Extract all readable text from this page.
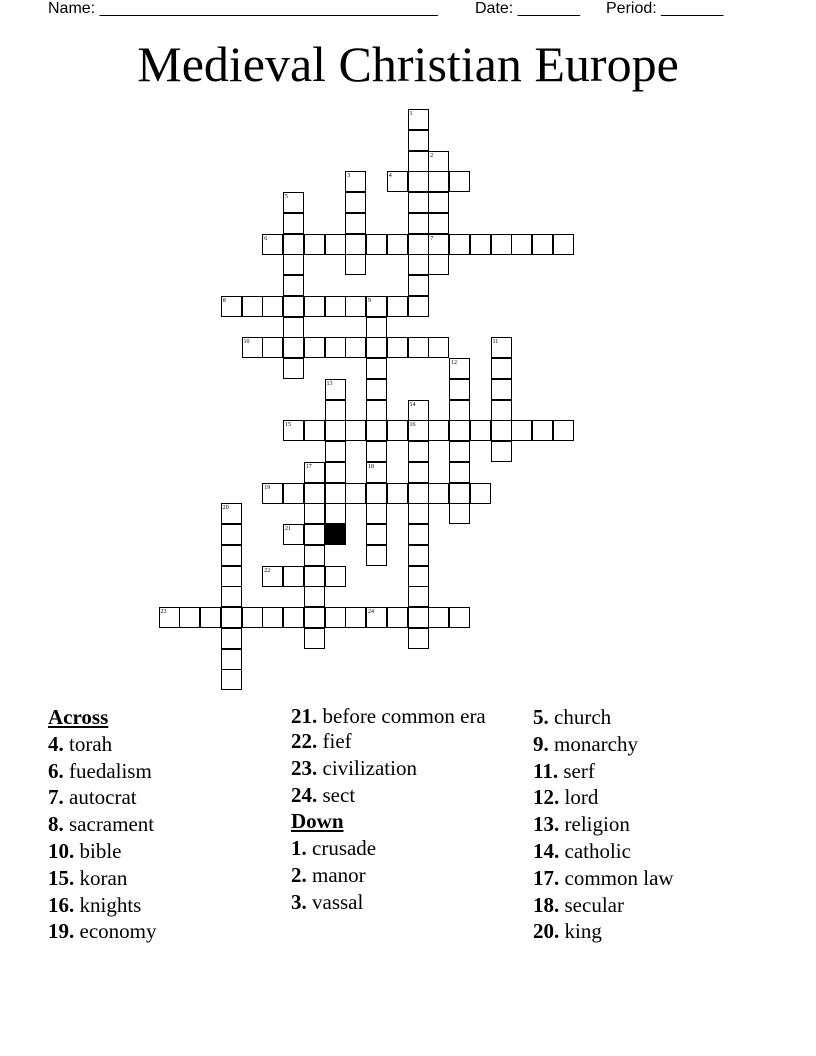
Name: ______________________________________ Date: _______ Period: _______
Medieval Christian Europe
1
2
3	4
5
6	7
8	9
10	11
12
13
14
15	16
17	18
19
20
21
22
23	24
Across
4. torah
6. fuedalism
7. autocrat
8. sacrament
10. bible
15. koran
16. knights
19. economy
21. before common era
22. fief
23. civilization
24. sect
Down
1. crusade
2. manor
3. vassal
5. church
9. monarchy
11. serf
12. lord
13. religion
14. catholic
17. common law
18. secular
20. king
